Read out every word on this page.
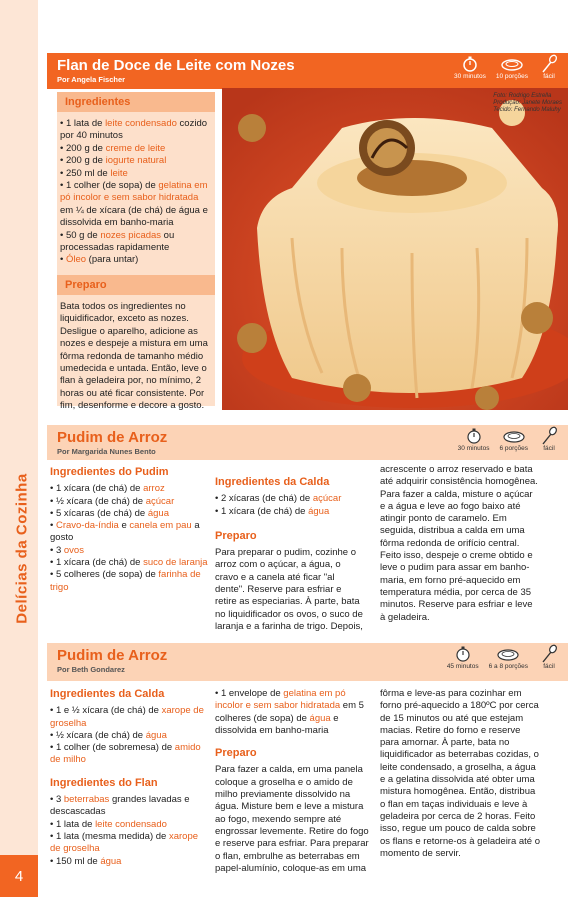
Delícias da Cozinha
4
Flan de Doce de Leite com Nozes
Por Angela Fischer	30 minutos 10 porções fácil
Ingredientes

• 1 lata de leite condensado cozido por 40 minutos

• 200 g de creme de leite

• 200 g de iogurte natural

• 250 ml de leite

• 1 colher (de sopa) de gelatina em pó incolor e sem sabor hidratada em ¼ de xícara (de chá) de água e dissolvida em banho-maria

• 50 g de nozes picadas ou processadas rapidamente

• Óleo (para untar)

Preparo

Bata todos os ingredientes no liquidificador, exceto as nozes. Desligue o aparelho, adicione as nozes e despeje a mistura em uma fôrma redonda de tamanho médio umedecida e untada. Então, leve o flan à geladeira por, no mínimo, 2 horas ou até ficar consistente. Por fim, desenforme e decore a gosto.

Foto: Rodrigo Estrella
Produção: Janete Moraes
Tecido: Fernando Maluhy
Pudim de Arroz
Por Margarida Nunes Bento	30 minutos 6 porções fácil
Ingredientes do Pudim

• 1 xícara (de chá) de arroz

• ½ xícara (de chá) de açúcar

• 5 xícaras (de chá) de água

• Cravo-da-índia e canela em pau a gosto

• 3 ovos

• 1 xícara (de chá) de suco de laranja

• 5 colheres (de sopa) de farinha de trigo

Ingredientes da Calda

• 2 xícaras (de chá) de açúcar

• 1 xícara (de chá) de água

Preparo

Para preparar o pudim, cozinhe o arroz com o açúcar, a água, o cravo e a canela até ficar "al dente". Reserve para esfriar e retire as especiarias. À parte, bata no liquidificador os ovos, o suco de laranja e a farinha de trigo. Depois,

acrescente o arroz reservado e bata até adquirir consistência homogênea. Para fazer a calda, misture o açúcar e a água e leve ao fogo baixo até atingir ponto de caramelo. Em seguida, distribua a calda em uma fôrma redonda de orifício central. Feito isso, despeje o creme obtido e leve o pudim para assar em banho-maria, em forno pré-aquecido em temperatura média, por cerca de 35 minutos. Reserve para esfriar e leve à geladeira.

Pudim de Arroz
Por Beth Gondarez	45 minutos 6 a 8 porções fácil
Ingredientes da Calda

• 1 e ½ xícara (de chá) de xarope de groselha

• ½ xícara (de chá) de água

• 1 colher (de sobremesa) de amido de milho

Ingredientes do Flan

• 3 beterrabas grandes lavadas e descascadas

• 1 lata de leite condensado

• 1 lata (mesma medida) de xarope de groselha

• 150 ml de água

• 1 envelope de gelatina em pó incolor e sem sabor hidratada em 5 colheres (de sopa) de água e dissolvida em banho-maria

Preparo

Para fazer a calda, em uma panela coloque a groselha e o amido de milho previamente dissolvido na água. Misture bem e leve a mistura ao fogo, mexendo sempre até engrossar levemente. Retire do fogo e reserve para esfriar. Para preparar o flan, embrulhe as beterrabas em papel-alumínio, coloque-as em uma

fôrma e leve-as para cozinhar em forno pré-aquecido a 180ºC por cerca de 15 minutos ou até que estejam macias. Retire do forno e reserve para amornar. À parte, bata no liquidificador as beterrabas cozidas, o leite condensado, a groselha, a água e a gelatina dissolvida até obter uma mistura homogênea. Então, distribua o flan em taças individuais e leve à geladeira por cerca de 2 horas. Feito isso, regue um pouco de calda sobre os flans e retorne-os à geladeira até o momento de servir.
